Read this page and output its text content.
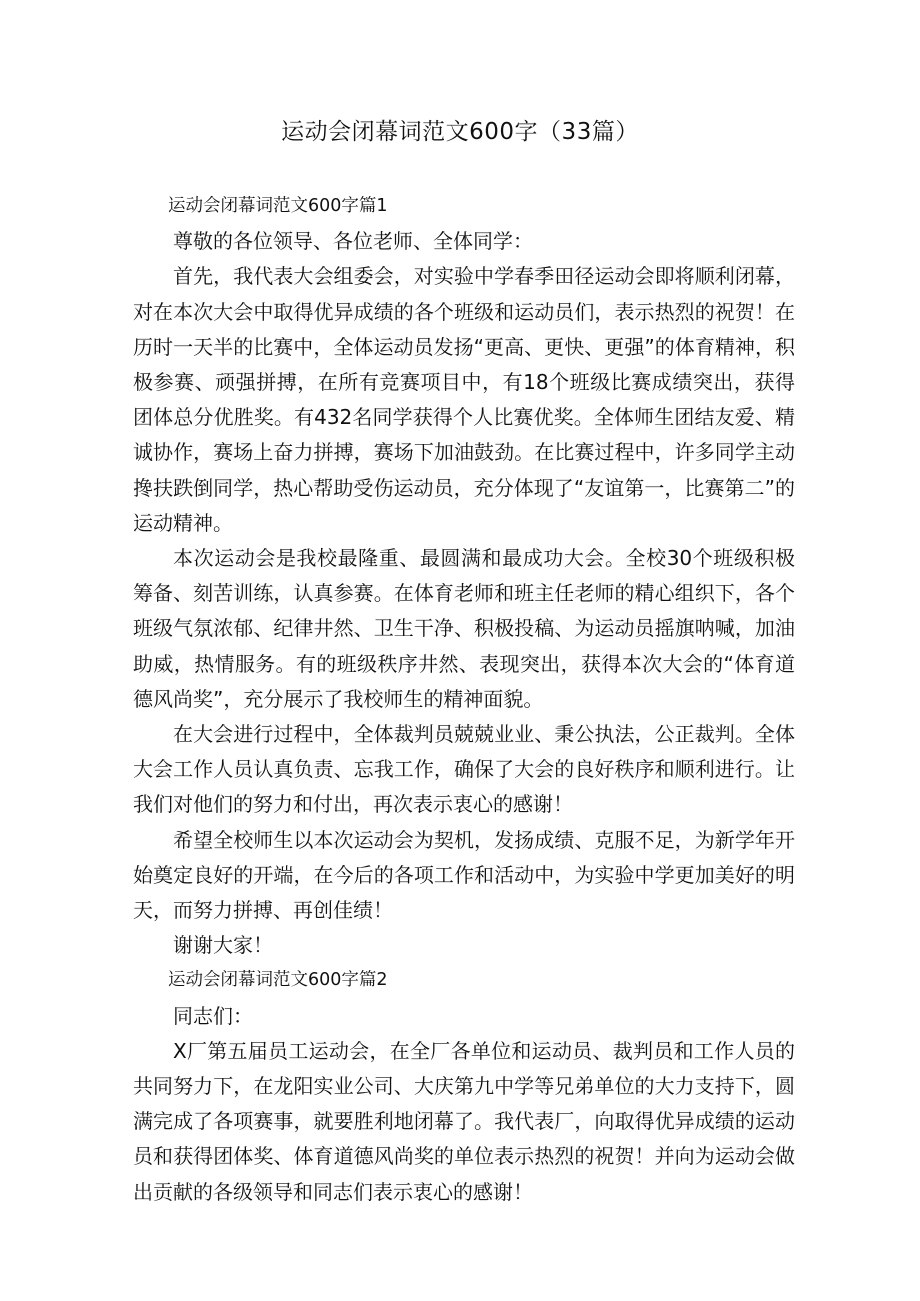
运动会闭幕词范文600字（33篇）

运动会闭幕词范文600字篇1

尊敬的各位领导、各位老师、全体同学：

首先，我代表大会组委会，对实验中学春季田径运动会即将顺利闭幕，对在本次大会中取得优异成绩的各个班级和运动员们，表示热烈的祝贺！在历时一天半的比赛中，全体运动员发扬“更高、更快、更强”的体育精神，积极参赛、顽强拼搏，在所有竞赛项目中，有18个班级比赛成绩突出，获得团体总分优胜奖。有432名同学获得个人比赛优奖。全体师生团结友爱、精诚协作，赛场上奋力拼搏，赛场下加油鼓劲。在比赛过程中，许多同学主动搀扶跌倒同学，热心帮助受伤运动员，充分体现了“友谊第一，比赛第二”的运动精神。

本次运动会是我校最隆重、最圆满和最成功大会。全校30个班级积极筹备、刻苦训练，认真参赛。在体育老师和班主任老师的精心组织下，各个班级气氛浓郁、纪律井然、卫生干净、积极投稿、为运动员摇旗呐喊，加油助威，热情服务。有的班级秩序井然、表现突出，获得本次大会的“体育道德风尚奖”，充分展示了我校师生的精神面貌。

在大会进行过程中，全体裁判员兢兢业业、秉公执法，公正裁判。全体大会工作人员认真负责、忘我工作，确保了大会的良好秩序和顺利进行。让我们对他们的努力和付出，再次表示衷心的感谢！

希望全校师生以本次运动会为契机，发扬成绩、克服不足，为新学年开始奠定良好的开端，在今后的各项工作和活动中，为实验中学更加美好的明天，而努力拼搏、再创佳绩！

谢谢大家！

运动会闭幕词范文600字篇2

同志们：

X厂第五届员工运动会，在全厂各单位和运动员、裁判员和工作人员的共同努力下，在龙阳实业公司、大庆第九中学等兄弟单位的大力支持下，圆满完成了各项赛事，就要胜利地闭幕了。我代表厂，向取得优异成绩的运动员和获得团体奖、体育道德风尚奖的单位表示热烈的祝贺！并向为运动会做出贡献的各级领导和同志们表示衷心的感谢！
